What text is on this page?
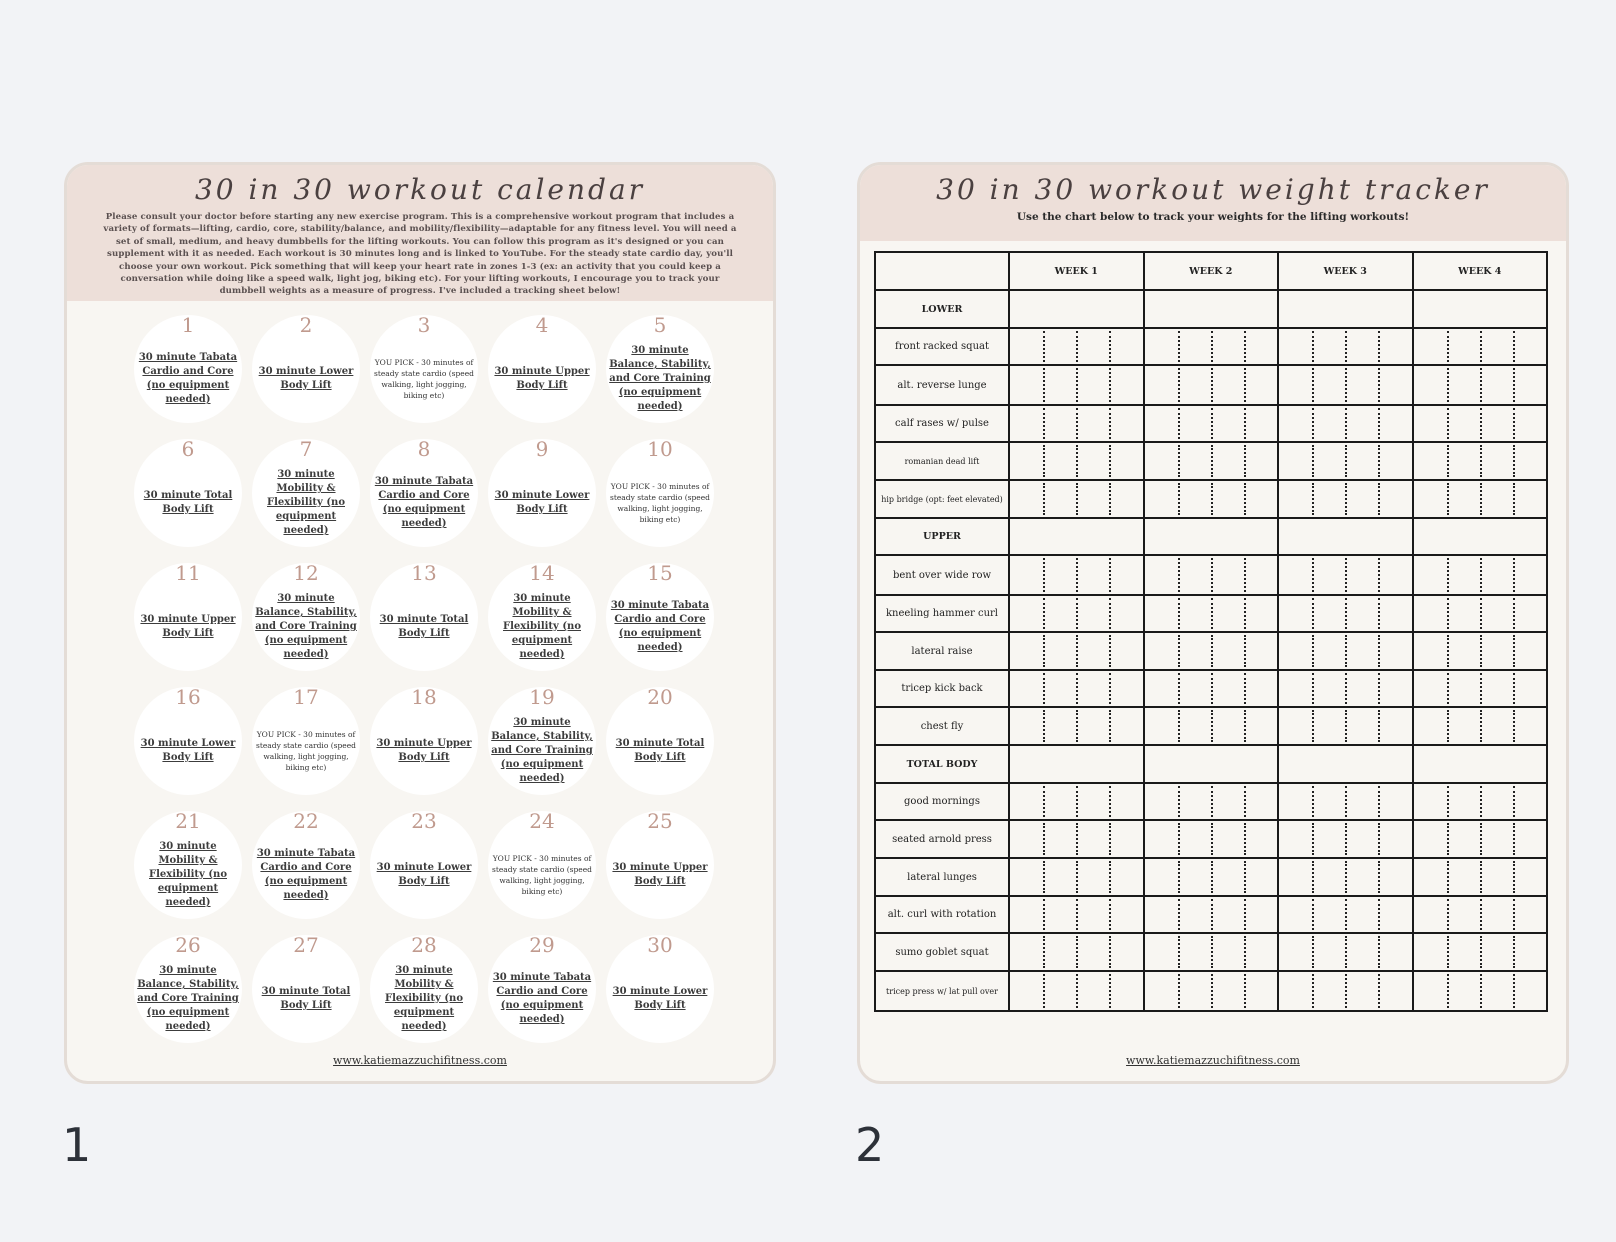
30 in 30 workout calendar
Please consult your doctor before starting any new exercise program. This is a comprehensive workout program that includes a variety of formats—lifting, cardio, core, stability/balance, and mobility/flexibility—adaptable for any fitness level. You will need a set of small, medium, and heavy dumbbells for the lifting workouts. You can follow this program as it's designed or you can supplement with it as needed. Each workout is 30 minutes long and is linked to YouTube. For the steady state cardio day, you'll choose your own workout. Pick something that will keep your heart rate in zones 1-3 (ex: an activity that you could keep a conversation while doing like a speed walk, light jog, biking etc). For your lifting workouts, I encourage you to track your dumbbell weights as a measure of progress. I've included a tracking sheet below!
1
30 minute Tabata Cardio and Core (no equipment needed)
2
30 minute Lower Body Lift
3
YOU PICK - 30 minutes of steady state cardio (speed walking, light jogging, biking etc)
4
30 minute Upper Body Lift
5
30 minute Balance, Stability, and Core Training (no equipment needed)
6
30 minute Total Body Lift
7
30 minute Mobility & Flexibility (no equipment needed)
8
30 minute Tabata Cardio and Core (no equipment needed)
9
30 minute Lower Body Lift
10
YOU PICK - 30 minutes of steady state cardio (speed walking, light jogging, biking etc)
11
30 minute Upper Body Lift
12
30 minute Balance, Stability, and Core Training (no equipment needed)
13
30 minute Total Body Lift
14
30 minute Mobility & Flexibility (no equipment needed)
15
30 minute Tabata Cardio and Core (no equipment needed)
16
30 minute Lower Body Lift
17
YOU PICK - 30 minutes of steady state cardio (speed walking, light jogging, biking etc)
18
30 minute Upper Body Lift
19
30 minute Balance, Stability, and Core Training (no equipment needed)
20
30 minute Total Body Lift
21
30 minute Mobility & Flexibility (no equipment needed)
22
30 minute Tabata Cardio and Core (no equipment needed)
23
30 minute Lower Body Lift
24
YOU PICK - 30 minutes of steady state cardio (speed walking, light jogging, biking etc)
25
30 minute Upper Body Lift
26
30 minute Balance, Stability, and Core Training (no equipment needed)
27
30 minute Total Body Lift
28
30 minute Mobility & Flexibility (no equipment needed)
29
30 minute Tabata Cardio and Core (no equipment needed)
30
30 minute Lower Body Lift
www.katiemazzuchifitness.com
30 in 30 workout weight tracker
Use the chart below to track your weights for the lifting workouts!
	WEEK 1	WEEK 2	WEEK 3	WEEK 4
LOWER				
front racked squat	

alt. reverse lunge	

calf rases w/ pulse	

romanian dead lift	

hip bridge (opt: feet elevated)	

UPPER				
bent over wide row	

kneeling hammer curl	

lateral raise	

tricep kick back	

chest fly	

TOTAL BODY				
good mornings	

seated arnold press	

lateral lunges	

alt. curl with rotation	

sumo goblet squat	

tricep press w/ lat pull over	

www.katiemazzuchifitness.com
1	2
